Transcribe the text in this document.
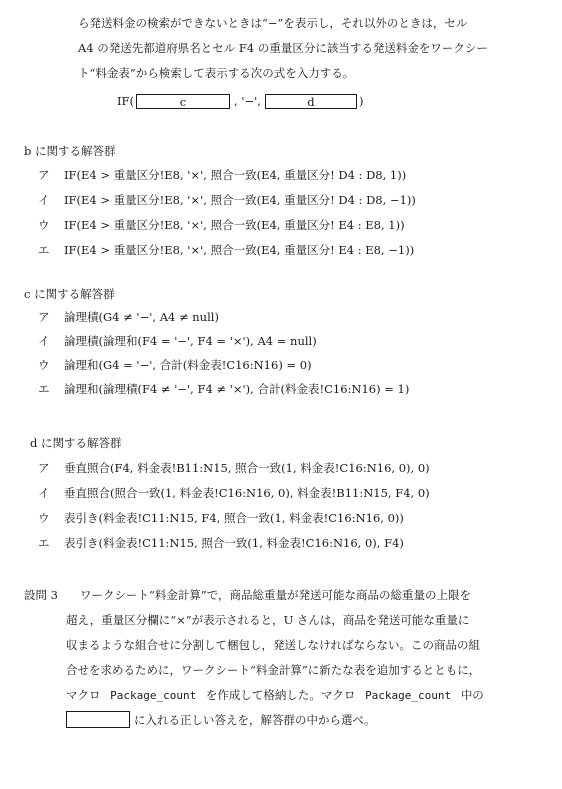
ら発送料金の検索ができないときは“−”を表示し，それ以外のときは，セル
A4 の発送先都道府県名とセル F4 の重量区分に該当する発送料金をワークシー
ト“料金表”から検索して表示する次の式を入力する。
IF(	c	, '−',	d	)
b に関する解答群
ア IF(E4 > 重量区分!E8, '×', 照合一致(E4, 重量区分! D4 : D8, 1))
イ IF(E4 > 重量区分!E8, '×', 照合一致(E4, 重量区分! D4 : D8, −1))
ウ IF(E4 > 重量区分!E8, '×', 照合一致(E4, 重量区分! E4 : E8, 1))
エ IF(E4 > 重量区分!E8, '×', 照合一致(E4, 重量区分! E4 : E8, −1))
c に関する解答群
ア 論理積(G4 ≠ '−', A4 ≠ null)
イ 論理積(論理和(F4 = '−', F4 = '×'), A4 = null)
ウ 論理和(G4 = '−', 合計(料金表!C16:N16) = 0)
エ 論理和(論理積(F4 ≠ '−', F4 ≠ '×'), 合計(料金表!C16:N16) = 1)
d に関する解答群
ア 垂直照合(F4, 料金表!B11:N15, 照合一致(1, 料金表!C16:N16, 0), 0)
イ 垂直照合(照合一致(1, 料金表!C16:N16, 0), 料金表!B11:N15, F4, 0)
ウ 表引き(料金表!C11:N15, F4, 照合一致(1, 料金表!C16:N16, 0))
エ 表引き(料金表!C11:N15, 照合一致(1, 料金表!C16:N16, 0), F4)
設問 3 ワークシート“料金計算”で，商品総重量が発送可能な商品の総重量の上限を
超え，重量区分欄に“×”が表示されると，U さんは，商品を発送可能な重量に
収まるような組合せに分割して梱包し，発送しなければならない。この商品の組
合せを求めるために，ワークシート“料金計算”に新たな表を追加するとともに，
マクロ Package_count を作成して格納した。マクロ Package_count 中の
に入れる正しい答えを，解答群の中から選べ。
